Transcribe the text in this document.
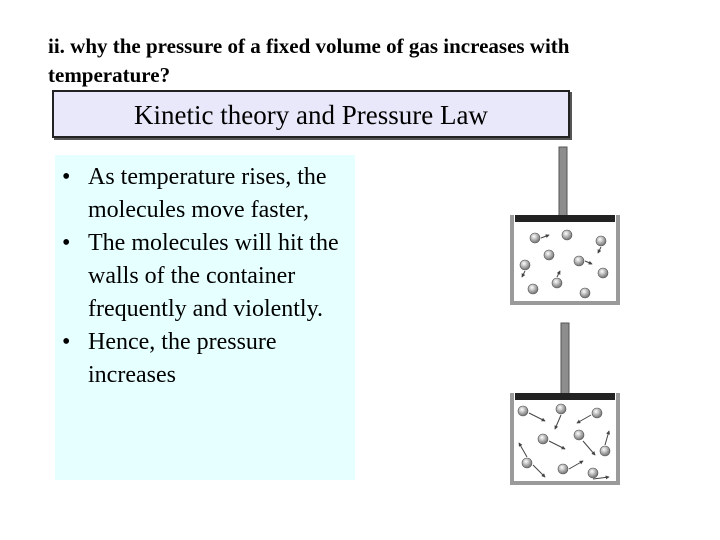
ii. why the pressure of a fixed volume of gas increases with temperature?
Kinetic theory and Pressure Law
• As temperature rises, the molecules move faster,
• The molecules will hit the walls of the container frequently and violently.
• Hence, the pressure increases
